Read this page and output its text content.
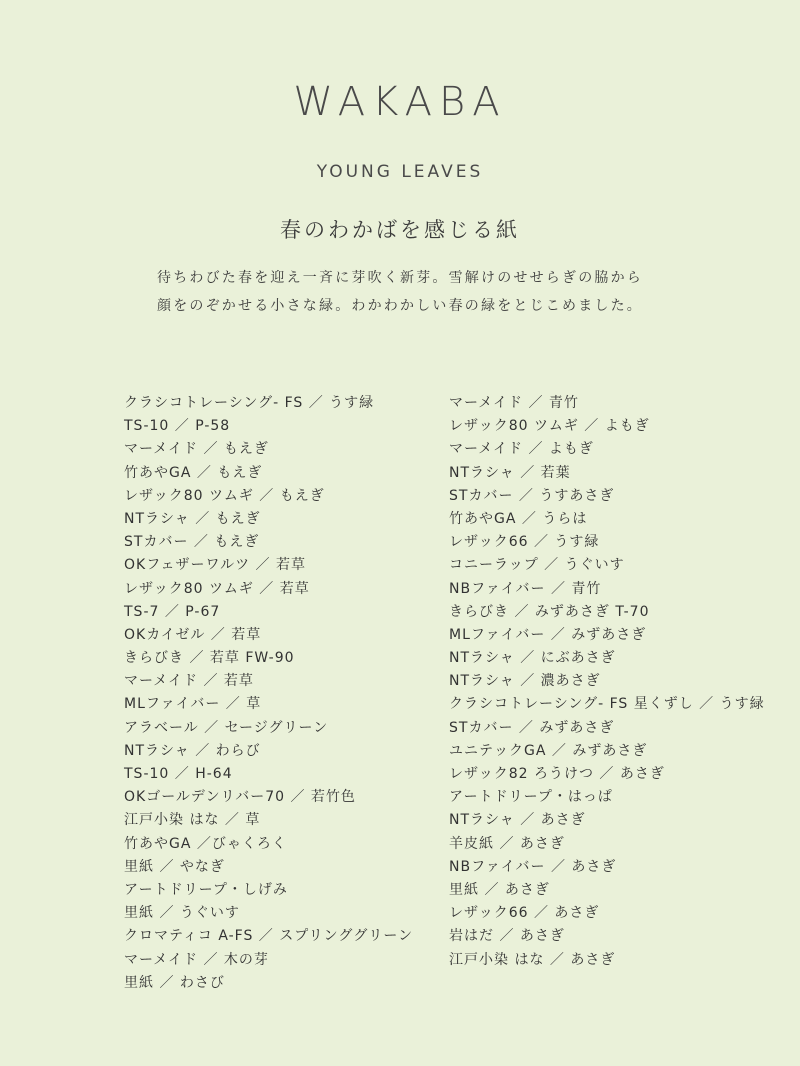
WAKABA
YOUNG LEAVES
春のわかばを感じる紙
待ちわびた春を迎え一斉に芽吹く新芽。雪解けのせせらぎの脇から
顔をのぞかせる小さな緑。わかわかしい春の緑をとじこめました。
クラシコトレーシング- FS ／ うす緑
TS-10 ／ P-58
マーメイド ／ もえぎ
竹あやGA ／ もえぎ
レザック80 ツムギ ／ もえぎ
NTラシャ ／ もえぎ
STカバー ／ もえぎ
OKフェザーワルツ ／ 若草
レザック80 ツムギ ／ 若草
TS-7 ／ P-67
OKカイゼル ／ 若草
きらびき ／ 若草 FW-90
マーメイド ／ 若草
MLファイバー ／ 草
アラベール ／ セージグリーン
NTラシャ ／ わらび
TS-10 ／ H-64
OKゴールデンリバー70 ／ 若竹色
江戸小染 はな ／ 草
竹あやGA ／びゃくろく
里紙 ／ やなぎ
アートドリープ・しげみ
里紙 ／ うぐいす
クロマティコ A-FS ／ スプリンググリーン
マーメイド ／ 木の芽
里紙 ／ わさび
マーメイド ／ 青竹
レザック80 ツムギ ／ よもぎ
マーメイド ／ よもぎ
NTラシャ ／ 若葉
STカバー ／ うすあさぎ
竹あやGA ／ うらは
レザック66 ／ うす緑
コニーラップ ／ うぐいす
NBファイバー ／ 青竹
きらびき ／ みずあさぎ T-70
MLファイバー ／ みずあさぎ
NTラシャ ／ にぶあさぎ
NTラシャ ／ 濃あさぎ
クラシコトレーシング- FS 星くずし ／ うす緑
STカバー ／ みずあさぎ
ユニテックGA ／ みずあさぎ
レザック82 ろうけつ ／ あさぎ
アートドリープ・はっぱ
NTラシャ ／ あさぎ
羊皮紙 ／ あさぎ
NBファイバー ／ あさぎ
里紙 ／ あさぎ
レザック66 ／ あさぎ
岩はだ ／ あさぎ
江戸小染 はな ／ あさぎ
